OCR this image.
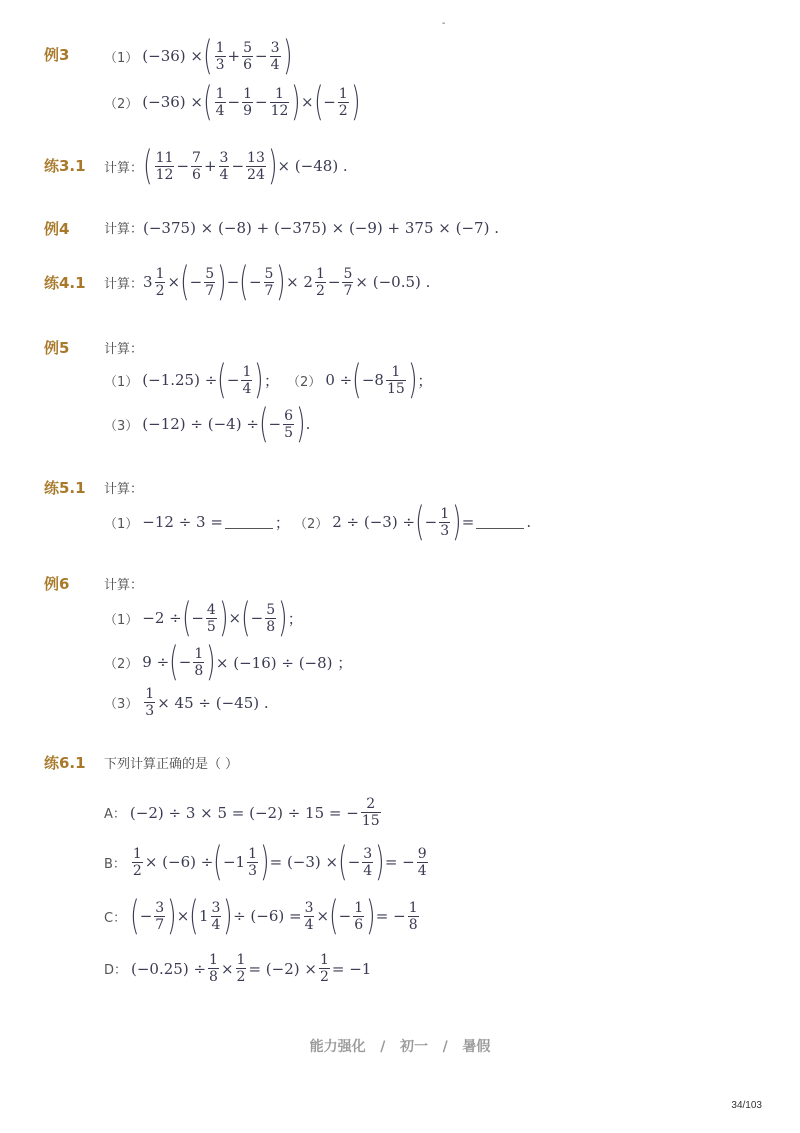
-
例3	（1） (−36) × ( $\frac{1}{3} + \frac{5}{6} - \frac{3}{4}$ )
（2） (−36) × ( $\frac{1}{4} - \frac{1}{9} - \frac{1}{12}$ ) × ( − $\frac{1}{2}$ )
练3.1 计算： ( $\frac{11}{12} - \frac{7}{6} + \frac{3}{4} - \frac{13}{24}$ ) × (−48) .
例4	计算： (−375) × (−8) + (−375) × (−9) + 375 × (−7) .
练4.1 计算： $3 \frac{1}{2}$ × ( − $\frac{5}{7}$ ) − ( − $\frac{5}{7}$ ) × $2 \frac{1}{2} - \frac{5}{7} \times (-0.5)$ .
例5	计算：
（1） (−1.25) ÷ ( − $\frac{1}{4}$ ) ； （2） 0 ÷ ( $-8 \frac{1}{15}$ ) ；
（3） (−12) ÷ (−4) ÷ ( − $\frac{6}{5}$ ) .
练5.1 计算：
（1） −12 ÷ 3 =	； （2） 2 ÷ (−3) ÷ ( − $\frac{1}{3}$ ) =	.
例6	计算：
（1） −2 ÷ ( − $\frac{4}{5}$ ) × ( − $\frac{5}{8}$ ) ；
（2） 9 ÷ ( − $\frac{1}{8}$ ) × (−16) ÷ (−8) ；
$(3) \frac{1}{3} \times 45 \div (-45)$ .
练6.1 下列计算正确的是（ ）
A： (−2) ÷ 3 × 5 = (−2) ÷ 15 = − $\frac{2}{15}$
B： $\frac{1}{2} \times (-6)$ ÷ ( $-1 \frac{1}{3}$ ) = (−3) × ( − $\frac{3}{4}$ ) = − $\frac{9}{4}$
C： ( − $\frac{3}{7}$ ) × ( $1 \frac{3}{4}$ ) ÷ $(-6) = \frac{3}{4}$ × ( − $\frac{1}{6}$ ) = − $\frac{1}{8}$
D： $(-0.25) \div \frac{1}{8} \times \frac{1}{2} = (-2) \times \frac{1}{2} = -1$
能力强化 / 初一 / 暑假
34/103
